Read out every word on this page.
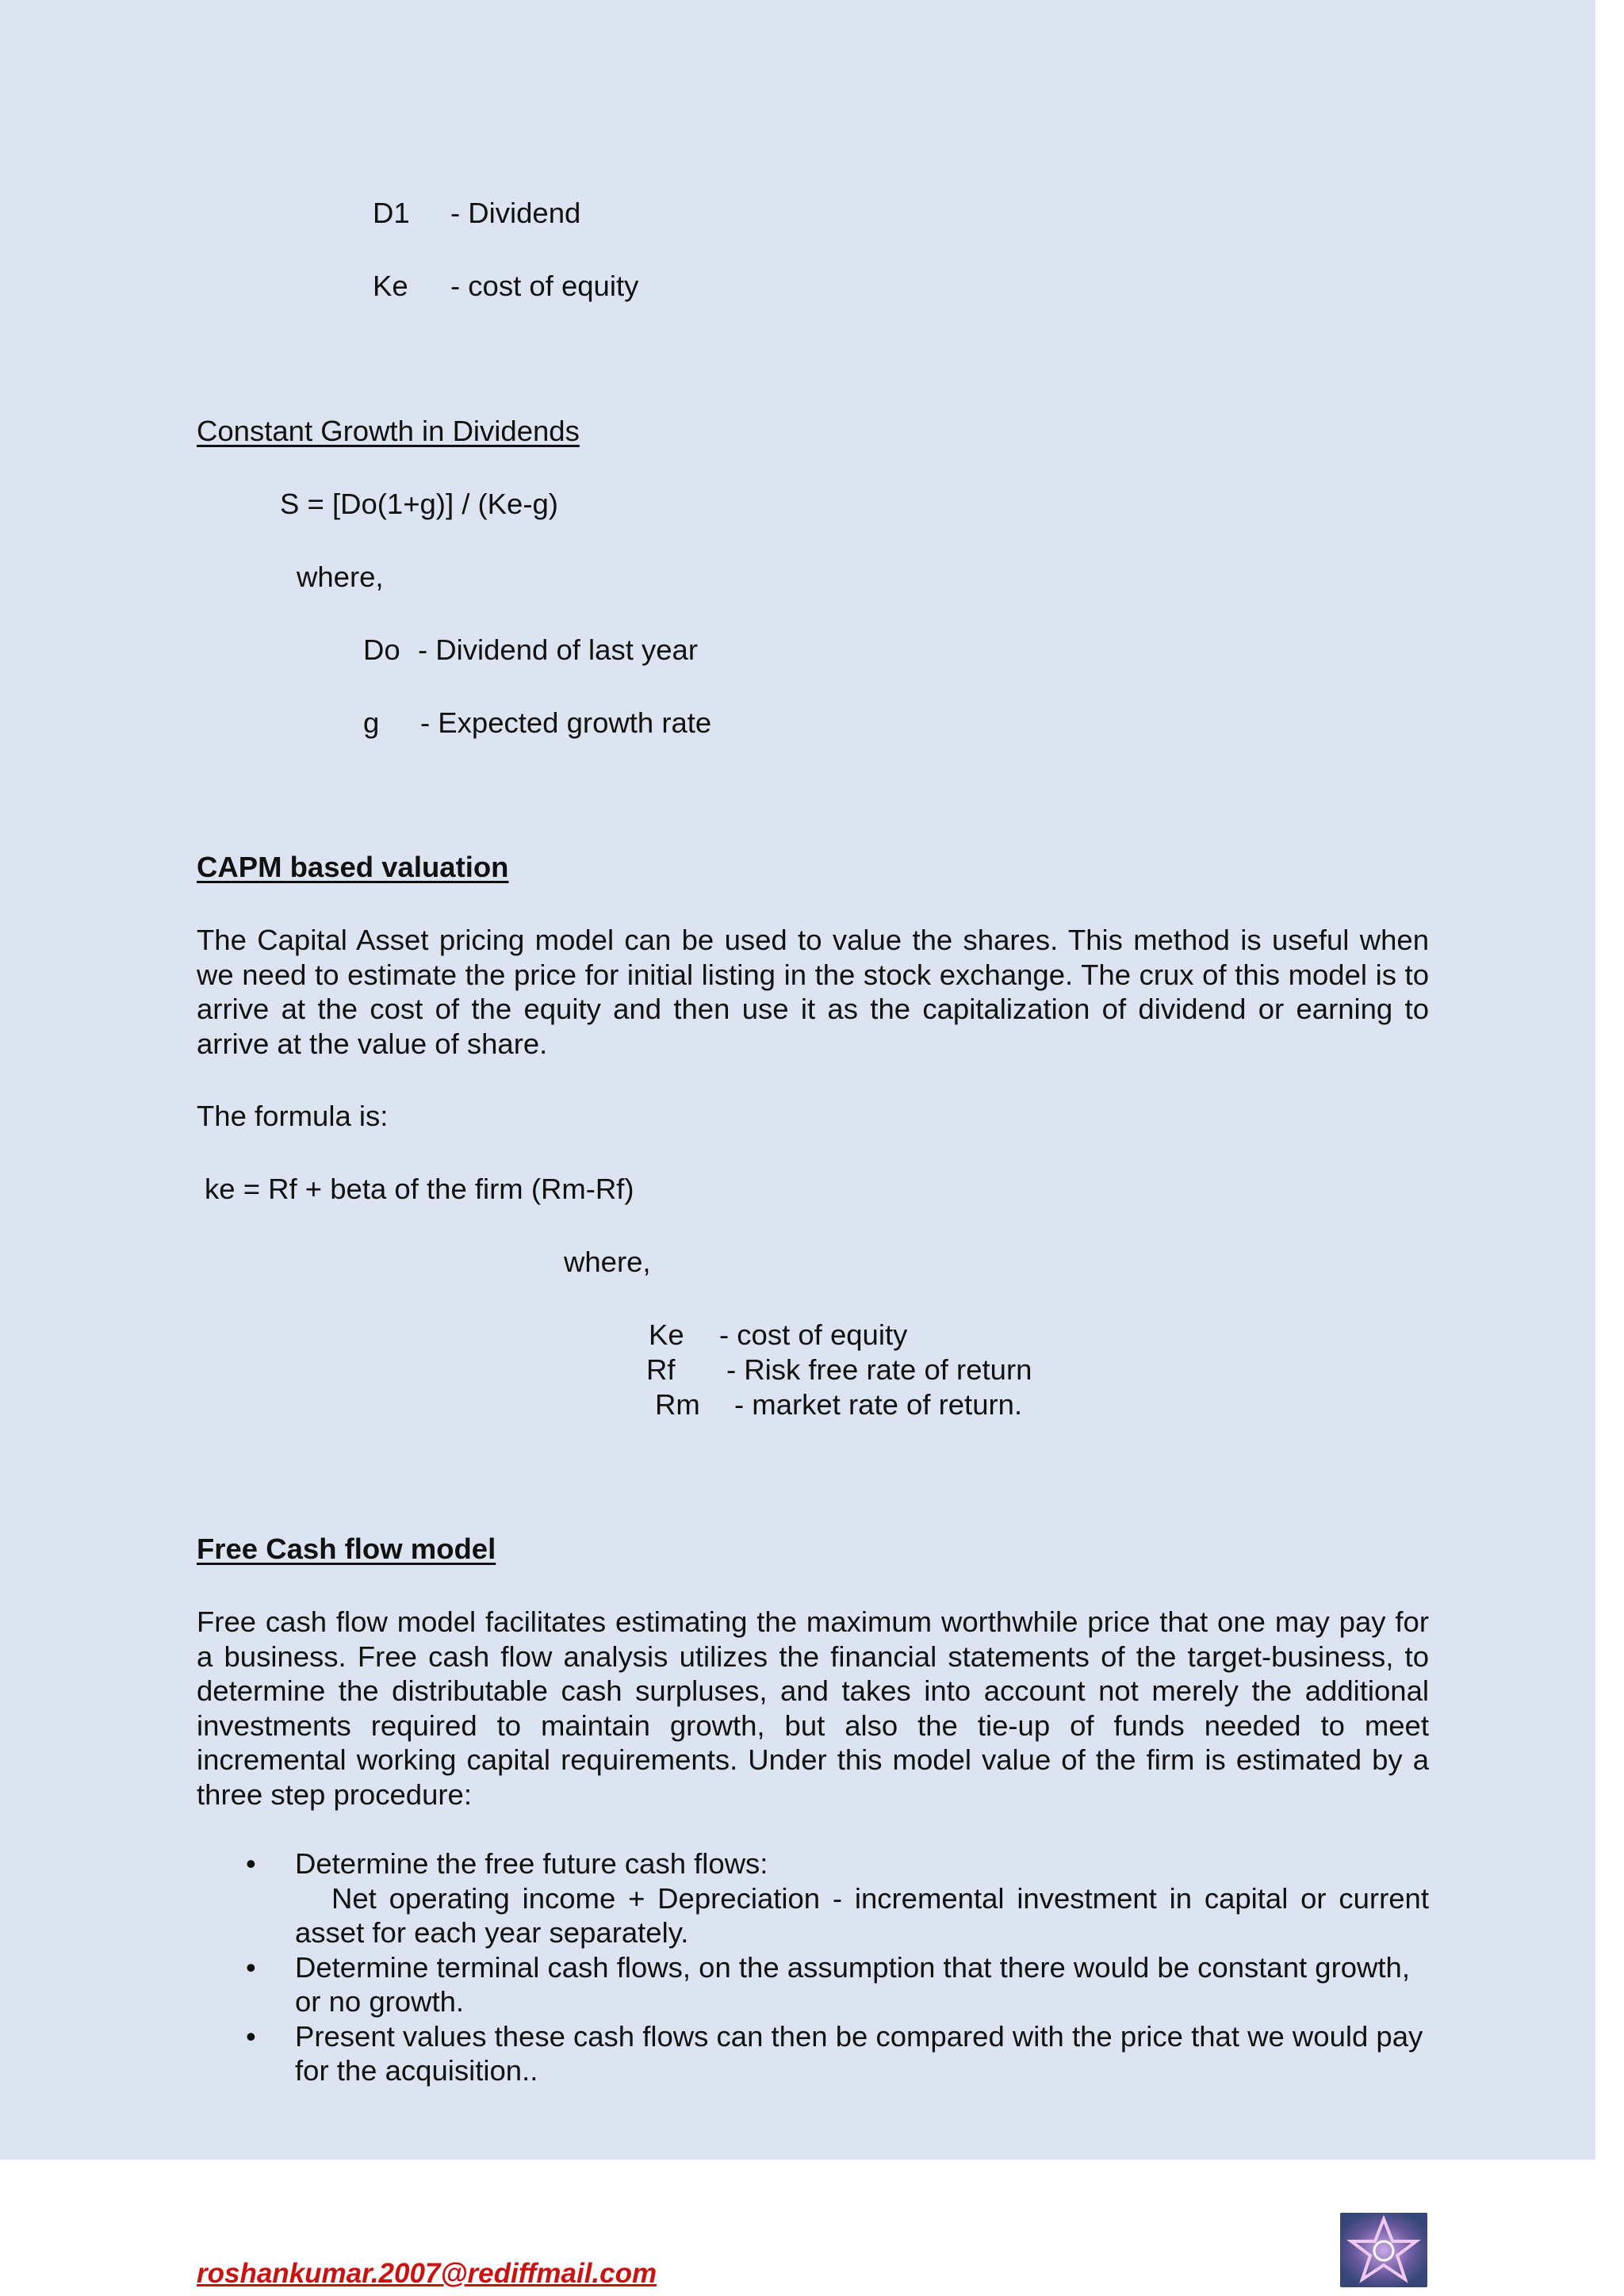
D1 - Dividend
Ke - cost of equity
Constant Growth in Dividends
S = [Do(1+g)] / (Ke-g)
where,
Do - Dividend of last year
g - Expected growth rate
CAPM based valuation

The Capital Asset pricing model can be used to value the shares. This method is useful when we need to estimate the price for initial listing in the stock exchange. The crux of this model is to arrive at the cost of the equity and then use it as the capitalization of dividend or earning to arrive at the value of share.

The formula is:
ke = Rf + beta of the firm (Rm-Rf)
where,
Ke - cost of equity
Rf - Risk free rate of return
Rm - market rate of return.
Free Cash flow model

Free cash flow model facilitates estimating the maximum worthwhile price that one may pay for a business. Free cash flow analysis utilizes the financial statements of the target-business, to determine the distributable cash surpluses, and takes into account not merely the additional investments required to maintain growth, but also the tie-up of funds needed to meet incremental working capital requirements. Under this model value of the firm is estimated by a three step procedure:

• Determine the free future cash flows:
Net operating income + Depreciation - incremental investment in capital or current asset for each year separately.
• Determine terminal cash flows, on the assumption that there would be constant growth, or no growth.
• Present values these cash flows can then be compared with the price that we would pay for the acquisition..
roshankumar.2007@rediffmail.com
